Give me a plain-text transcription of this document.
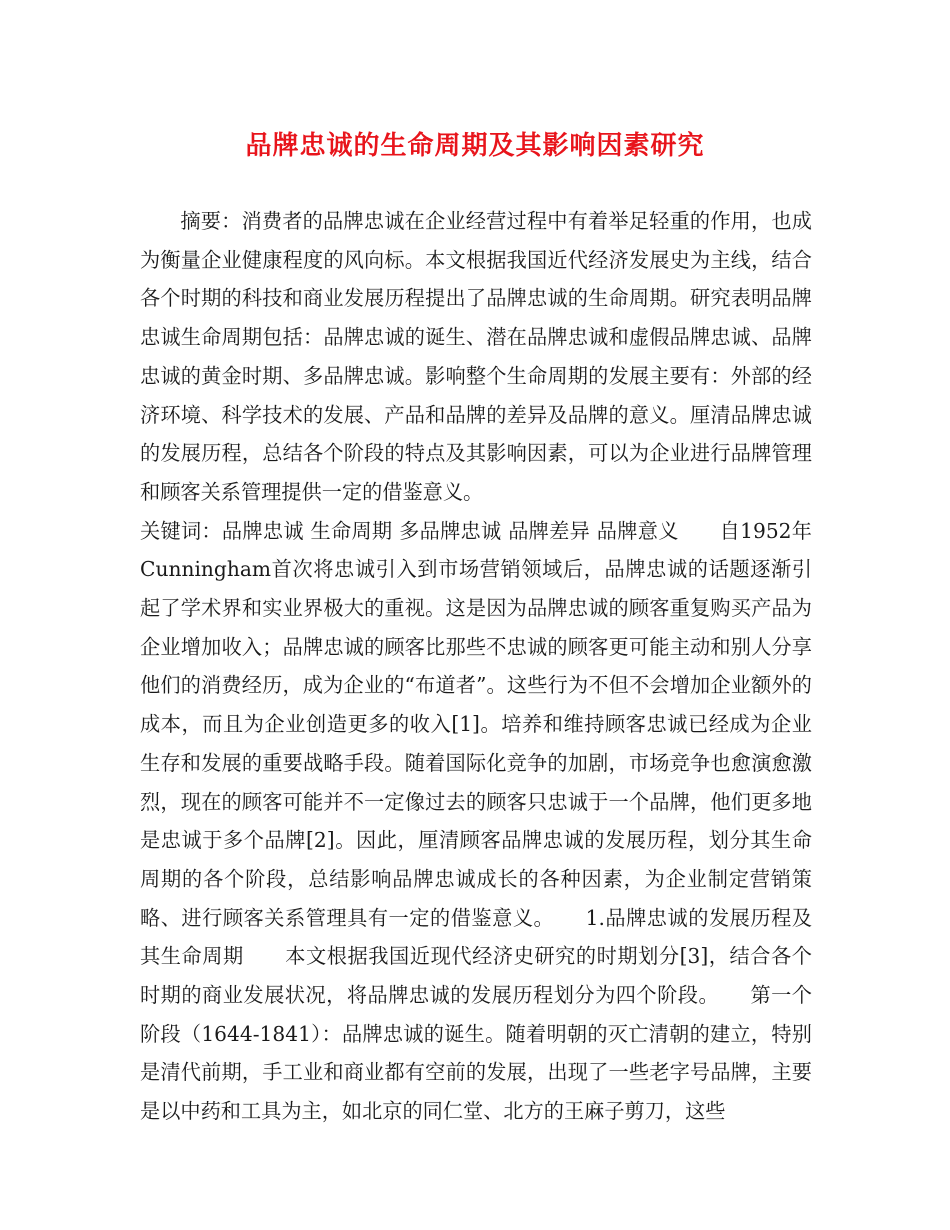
品牌忠诚的生命周期及其影响因素研究

摘要：消费者的品牌忠诚在企业经营过程中有着举足轻重的作用，也成为衡量企业健康程度的风向标。本文根据我国近代经济发展史为主线，结合各个时期的科技和商业发展历程提出了品牌忠诚的生命周期。研究表明品牌忠诚生命周期包括：品牌忠诚的诞生、潜在品牌忠诚和虚假品牌忠诚、品牌忠诚的黄金时期、多品牌忠诚。影响整个生命周期的发展主要有：外部的经济环境、科学技术的发展、产品和品牌的差异及品牌的意义。厘清品牌忠诚的发展历程，总结各个阶段的特点及其影响因素，可以为企业进行品牌管理和顾客关系管理提供一定的借鉴意义。

关键词：品牌忠诚 生命周期 多品牌忠诚 品牌差异 品牌意义　　自1952年Cunningham首次将忠诚引入到市场营销领域后，品牌忠诚的话题逐渐引起了学术界和实业界极大的重视。这是因为品牌忠诚的顾客重复购买产品为企业增加收入；品牌忠诚的顾客比那些不忠诚的顾客更可能主动和别人分享他们的消费经历，成为企业的“布道者”。这些行为不但不会增加企业额外的成本，而且为企业创造更多的收入[1]。培养和维持顾客忠诚已经成为企业生存和发展的重要战略手段。随着国际化竞争的加剧，市场竞争也愈演愈激烈，现在的顾客可能并不一定像过去的顾客只忠诚于一个品牌，他们更多地是忠诚于多个品牌[2]。因此，厘清顾客品牌忠诚的发展历程，划分其生命周期的各个阶段，总结影响品牌忠诚成长的各种因素，为企业制定营销策略、进行顾客关系管理具有一定的借鉴意义。　　1.品牌忠诚的发展历程及其生命周期　　本文根据我国近现代经济史研究的时期划分[3]，结合各个时期的商业发展状况，将品牌忠诚的发展历程划分为四个阶段。　　第一个阶段（1644-1841）：品牌忠诚的诞生。随着明朝的灭亡清朝的建立，特别是清代前期，手工业和商业都有空前的发展，出现了一些老字号品牌，主要是以中药和工具为主，如北京的同仁堂、北方的王麻子剪刀，这些
